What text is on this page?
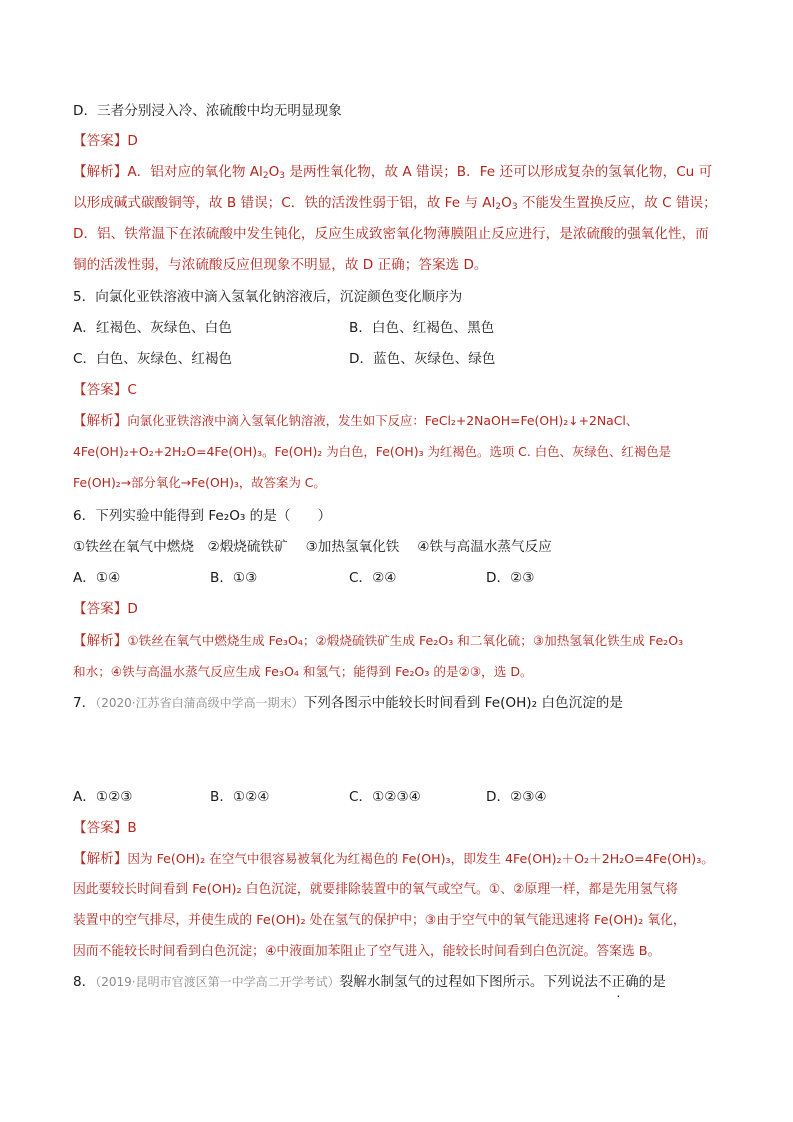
D．三者分别浸入冷、浓硫酸中均无明显现象
【答案】D
【解析】A．铝对应的氧化物 $Al_2O_3$ 是两性氧化物，故 A 错误；B．Fe 还可以形成复杂的氢氧化物，Cu 可
以形成碱式碳酸铜等，故 B 错误；C．铁的活泼性弱于铝，故 Fe 与 $Al_2O_3$ 不能发生置换反应，故 C 错误；
D．铝、铁常温下在浓硫酸中发生钝化，反应生成致密氧化物薄膜阻止反应进行，是浓硫酸的强氧化性，而
铜的活泼性弱，与浓硫酸反应但现象不明显，故 D 正确；答案选 D。
5．向氯化亚铁溶液中滴入氢氧化钠溶液后，沉淀颜色变化顺序为
A．红褐色、灰绿色、白色	B．白色、红褐色、黑色
C．白色、灰绿色、红褐色	D．蓝色、灰绿色、绿色
【答案】C
【解析】向氯化亚铁溶液中滴入氢氧化钠溶液，发生如下反应：FeCl₂+2NaOH=Fe(OH)₂↓+2NaCl、
4Fe(OH)₂+O₂+2H₂O=4Fe(OH)₃。Fe(OH)₂ 为白色，Fe(OH)₃ 为红褐色。选项 C. 白色、灰绿色、红褐色是
Fe(OH)₂→部分氧化→Fe(OH)₃，故答案为 C。
6．下列实验中能得到 Fe₂O₃ 的是（　　）
①铁丝在氧气中燃烧　②煅烧硫铁矿　 ③加热氢氧化铁　 ④铁与高温水蒸气反应
A．①④	B．①③	C．②④	D．②③
【答案】D
【解析】①铁丝在氧气中燃烧生成 Fe₃O₄；②煅烧硫铁矿生成 Fe₂O₃ 和二氧化硫；③加热氢氧化铁生成 Fe₂O₃
和水；④铁与高温水蒸气反应生成 Fe₃O₄ 和氢气；能得到 Fe₂O₃ 的是②③，选 D。
7．（2020·江苏省白蒲高级中学高一期末）下列各图示中能较长时间看到 Fe(OH)₂ 白色沉淀的是
A．①②③	B．①②④	C．①②③④	D．②③④
【答案】B
【解析】因为 Fe(OH)₂ 在空气中很容易被氧化为红褐色的 Fe(OH)₃，即发生 4Fe(OH)₂＋O₂＋2H₂O=4Fe(OH)₃。
因此要较长时间看到 Fe(OH)₂ 白色沉淀，就要排除装置中的氧气或空气。①、②原理一样，都是先用氢气将
装置中的空气排尽，并使生成的 Fe(OH)₂ 处在氢气的保护中；③由于空气中的氧气能迅速将 Fe(OH)₂ 氧化，
因而不能较长时间看到白色沉淀；④中液面加苯阻止了空气进入，能较长时间看到白色沉淀。答案选 B。
8．（2019·昆明市官渡区第一中学高二开学考试）裂解水制氢气的过程如下图所示。下列说法不正确的是
